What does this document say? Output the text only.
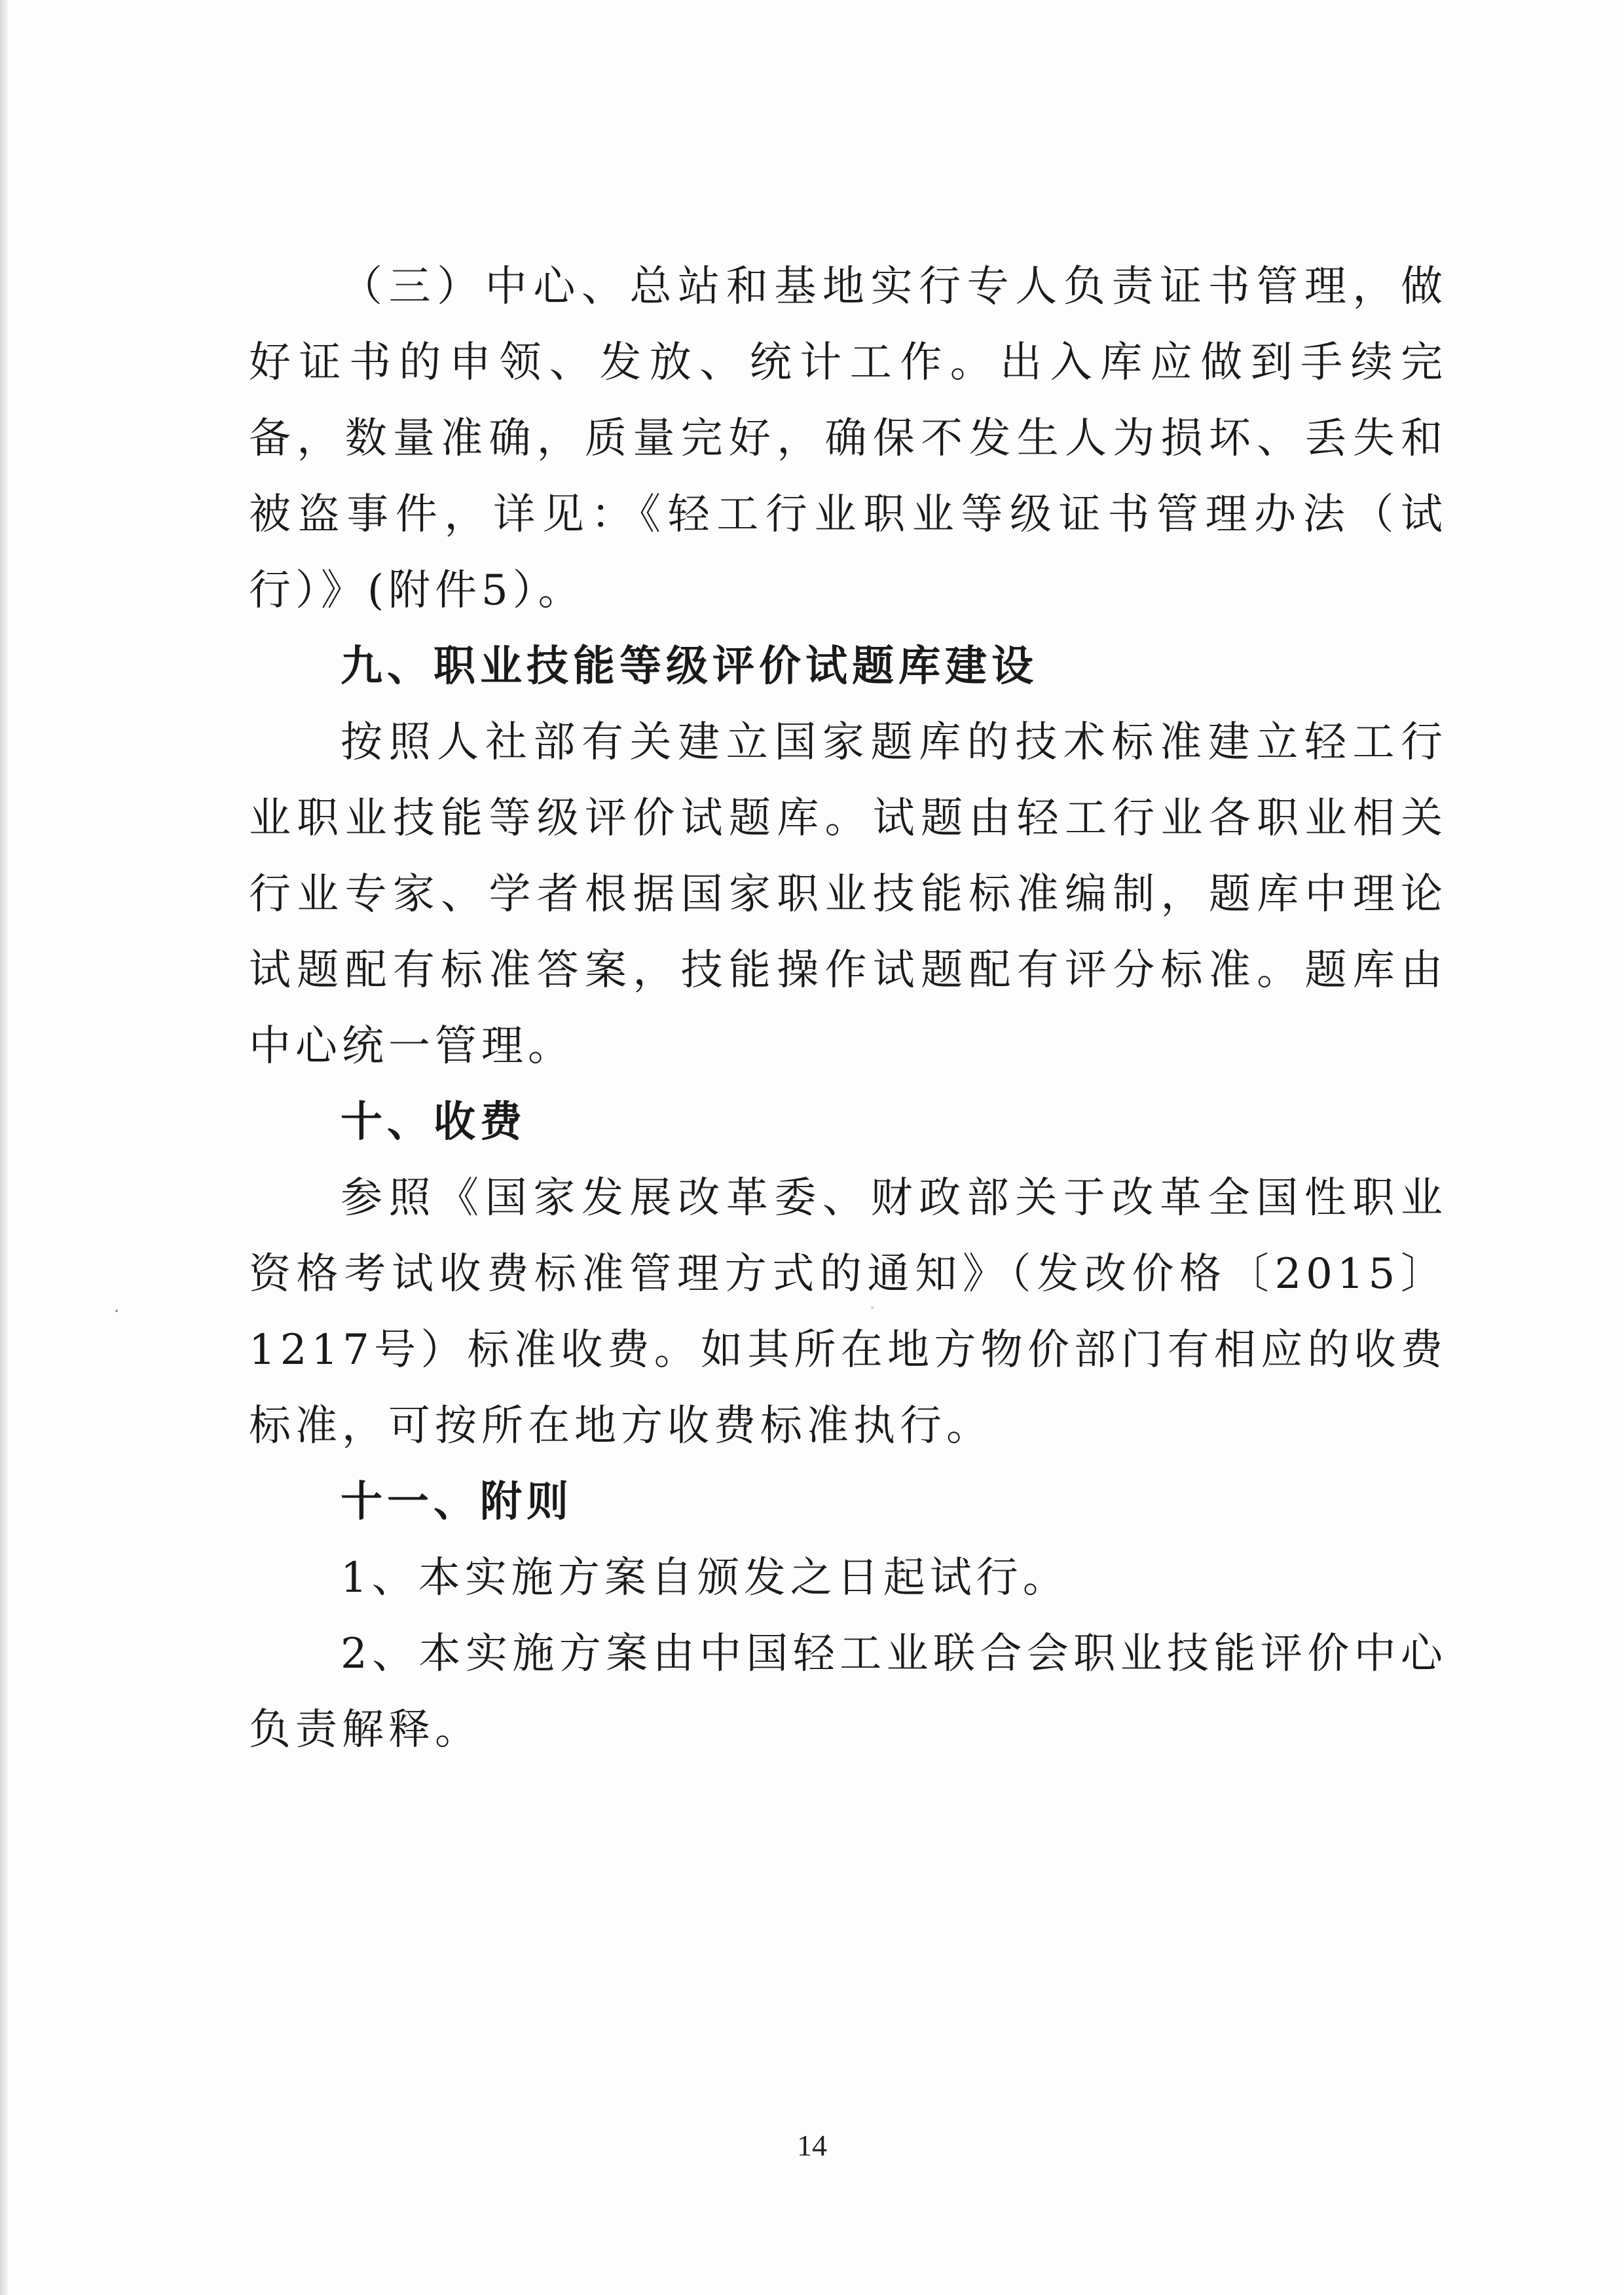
（三）中心、总站和基地实行专人负责证书管理，做好证书的申领、发放、统计工作。出入库应做到手续完备，数量准确，质量完好，确保不发生人为损坏、丢失和被盗事件，详见：《轻工行业职业等级证书管理办法（试行）》(附件5）。

九、职业技能等级评价试题库建设

按照人社部有关建立国家题库的技术标准建立轻工行业职业技能等级评价试题库。试题由轻工行业各职业相关行业专家、学者根据国家职业技能标准编制，题库中理论试题配有标准答案，技能操作试题配有评分标准。题库由中心统一管理。

十、收费

参照《国家发展改革委、财政部关于改革全国性职业资格考试收费标准管理方式的通知》（发改价格〔2015〕1217号）标准收费。如其所在地方物价部门有相应的收费标准，可按所在地方收费标准执行。

十一、附则

1、本实施方案自颁发之日起试行。

2、本实施方案由中国轻工业联合会职业技能评价中心负责解释。

14
